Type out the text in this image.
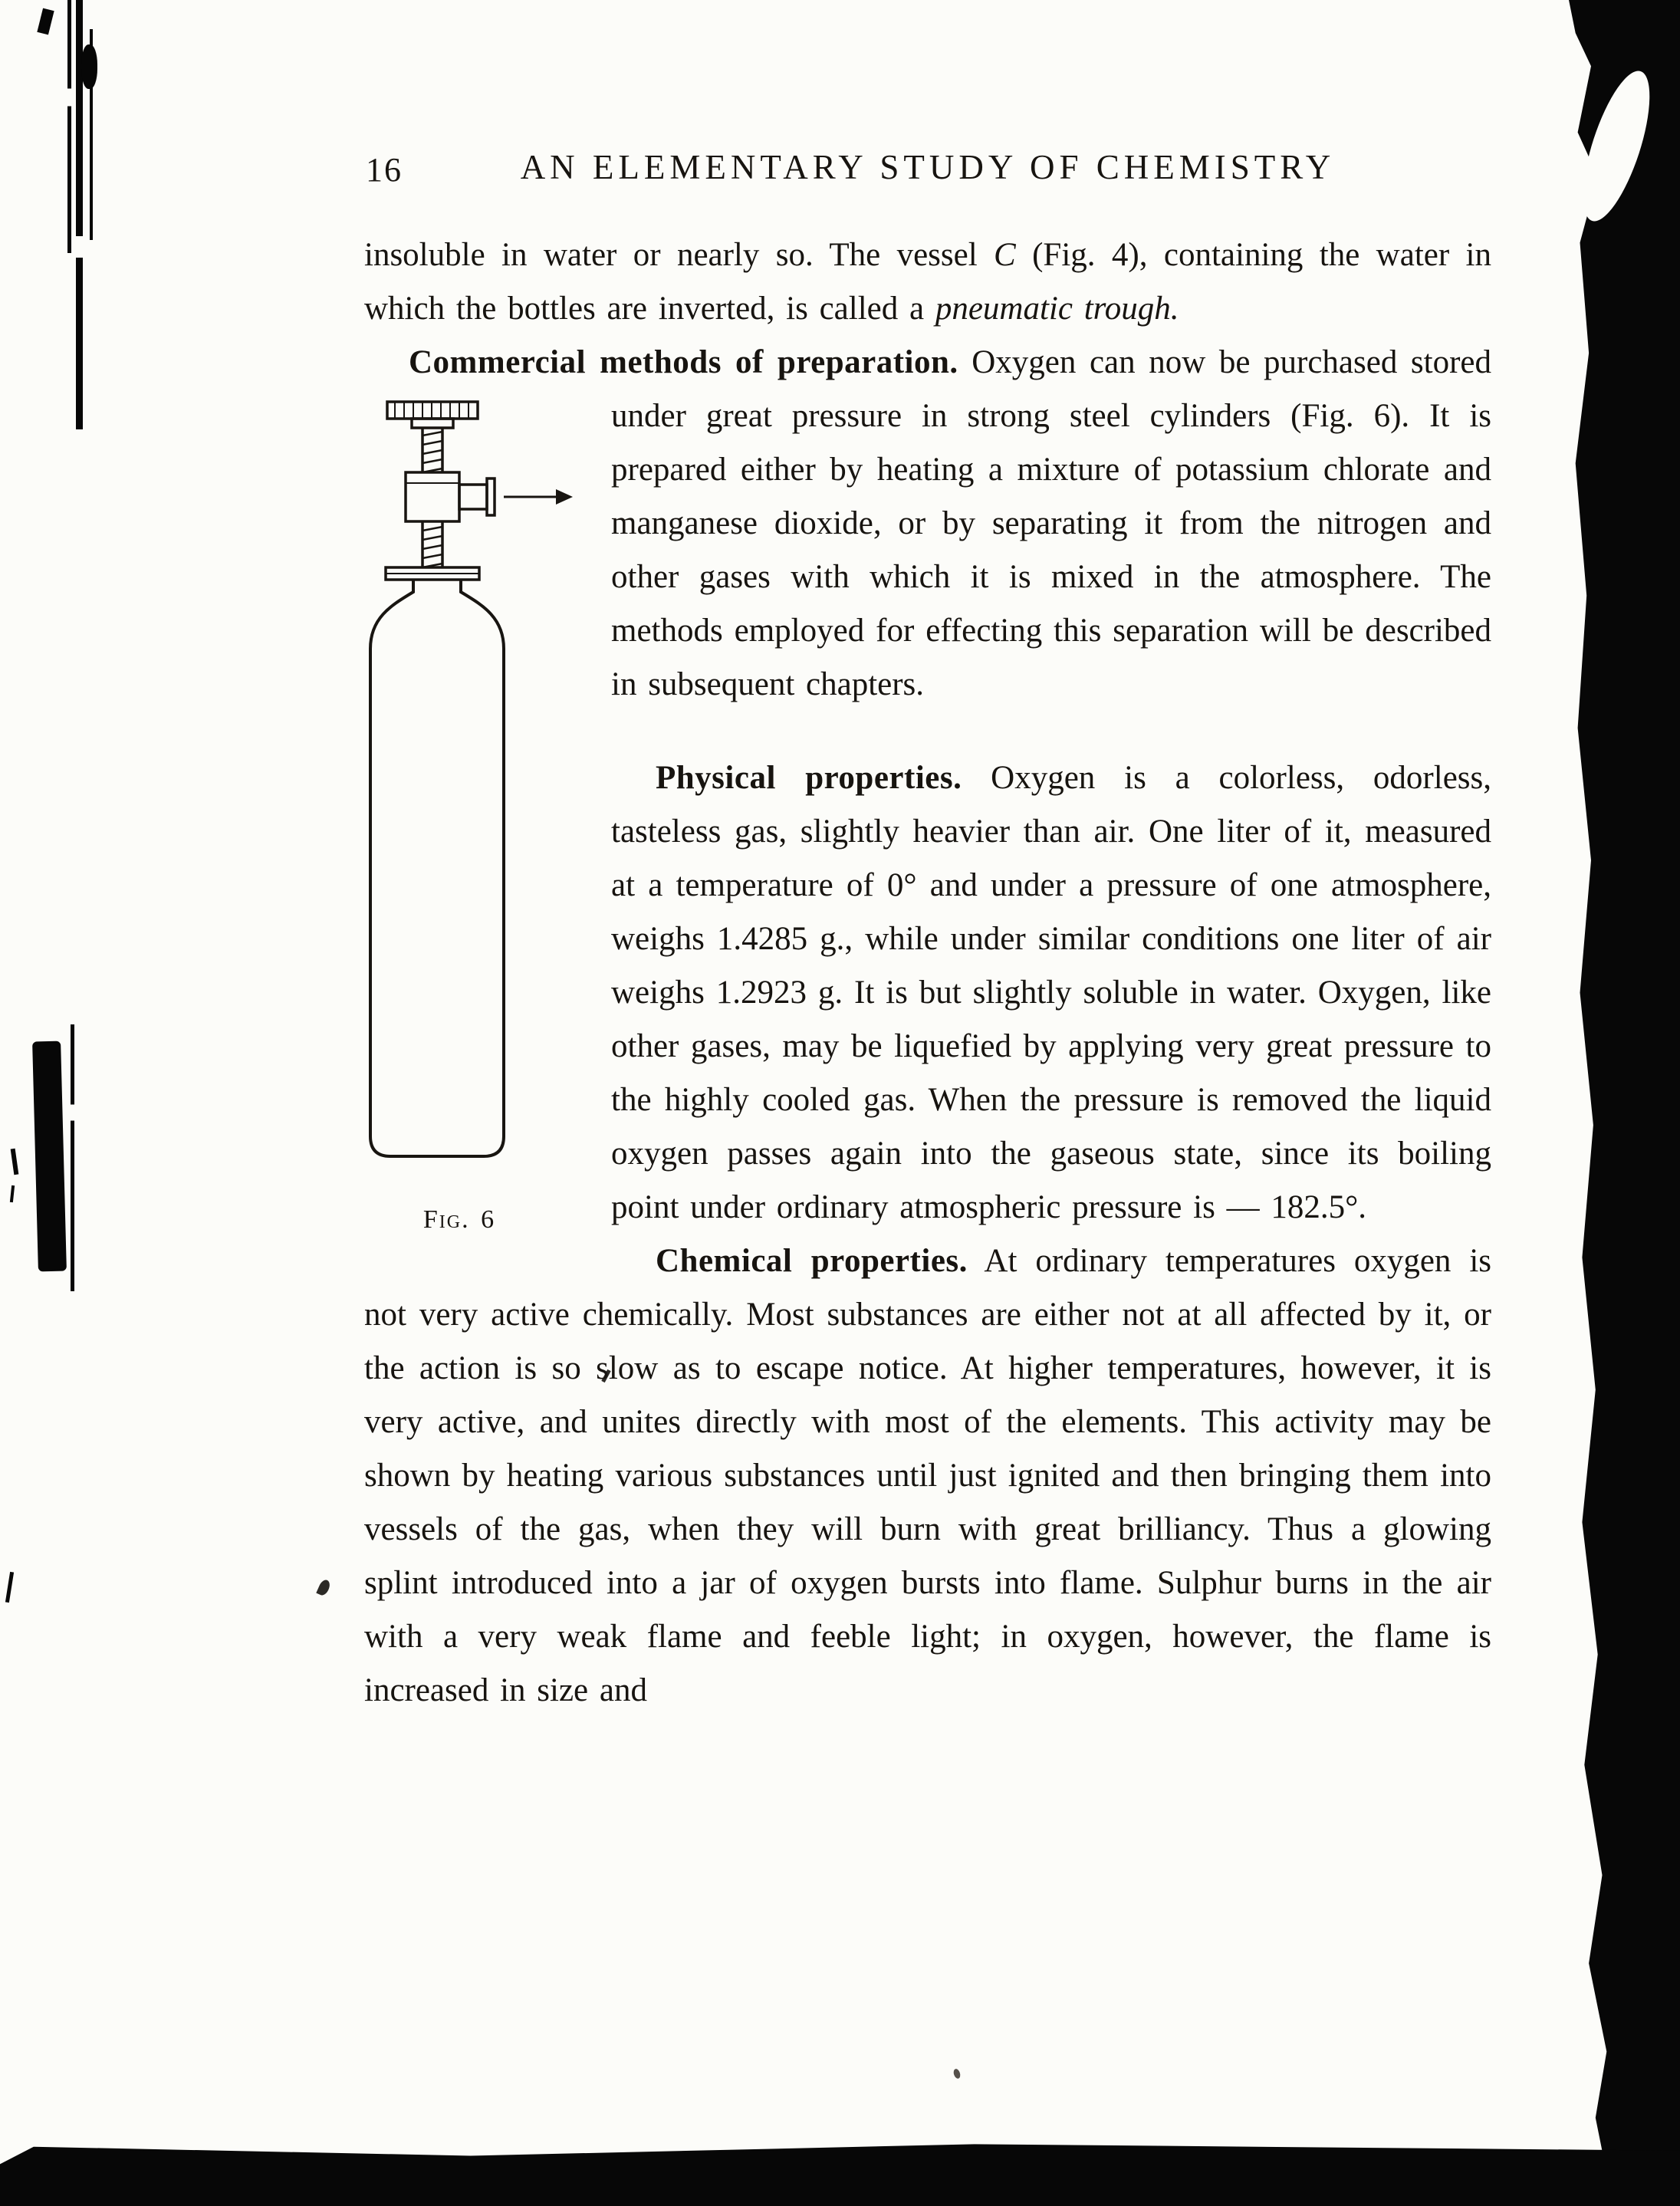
16	AN ELEMENTARY STUDY OF CHEMISTRY

insoluble in water or nearly so. The vessel C (Fig. 4), containing the water in which the bottles are inverted, is called a pneumatic trough.

Commercial methods of preparation. Oxygen can now be purchased stored under great pressure in strong steel cylinders (Fig. 6). It
Fig. 6
is prepared either by heating a mixture of potassium chlorate and manganese dioxide, or by separating it from the nitrogen and other gases with which it is mixed in the atmosphere. The methods employed for effecting this separation will be described in subsequent chapters.

Physical properties. Oxygen is a colorless, odorless, tasteless gas, slightly heavier than air. One liter of it, measured at a temperature of 0° and under a pressure of one atmosphere, weighs 1.4285 g., while under similar conditions one liter of air weighs 1.2923 g. It is but slightly soluble in water. Oxygen, like other gases, may be liquefied by applying very great pressure to the highly cooled gas. When the pressure is removed the liquid oxygen passes again into the gaseous state, since its boiling point under ordinary atmospheric pressure is — 182.5°.

Chemical properties. At ordinary temperatures oxygen is not very active chemically. Most substances are either not at all affected by it, or the action is so slow as to escape notice. At higher temperatures, however, it is very active, and unites directly with most of the elements. This activity may be shown by heating various substances until just ignited and then bringing them into vessels of the gas, when they will burn with great brilliancy. Thus a glowing splint introduced into a jar of oxygen bursts into flame. Sulphur burns in the air with a very weak flame and feeble light; in oxygen, however, the flame is increased in size and
